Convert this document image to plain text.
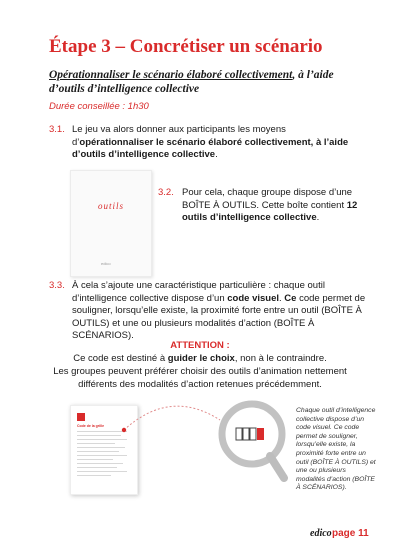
Étape 3 – Concrétiser un scénario
Opérationnaliser le scénario élaboré collectivement, à l’aide d’outils d’intelligence collective
Durée conseillée : 1h30
3.1. Le jeu va alors donner aux participants les moyens d’opérationnaliser le scénario élaboré collectivement, à l’aide d’outils d’intelligence collective.
outils
edico
3.2. Pour cela, chaque groupe dispose d’une BOÎTE À OUTILS. Cette boîte contient 12 outils d’intelligence collective.
3.3. À cela s’ajoute une caractéristique particulière : chaque outil d’intelligence collective dispose d’un code visuel. Ce code permet de souligner, lorsqu’elle existe, la proximité forte entre un outil (BOÎTE À OUTILS) et une ou plusieurs modalités d’action (BOÎTE À SCÉNARIOS).
ATTENTION :
Ce code est destiné à guider le choix, non à le contraindre.
Les groupes peuvent préférer choisir des outils d’animation nettement
différents des modalités d’action retenues précédemment.
Code de la grille
Chaque outil d’intelligence collective dispose d’un code visuel. Ce code permet de souligner, lorsqu’elle existe, la proximité forte entre un outil (BOÎTE À OUTILS) et une ou plusieurs modalités d’action (BOÎTE À SCÉNARIOS).
edico page 11
